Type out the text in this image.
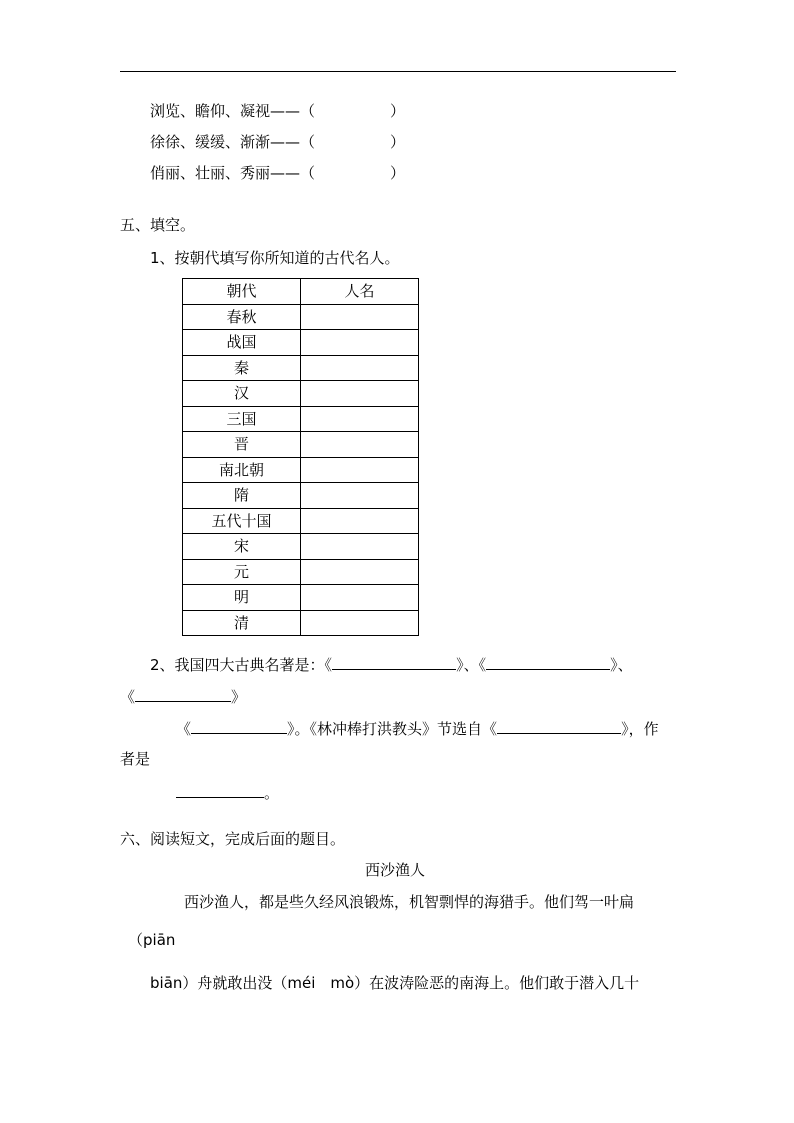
浏览、瞻仰、凝视——（　　　　　）
徐徐、缓缓、渐渐——（　　　　　）
俏丽、壮丽、秀丽——（　　　　　）
五、填空。
1、按朝代填写你所知道的古代名人。
朝代	人名
春秋	
战国	
秦	
汉	
三国	
晋	
南北朝	
隋	
五代十国	
宋	
元	
明	
清	
2、我国四大古典名著是：《	》、《	》、
《	》
《	》。《林冲棒打洪教头》节选自《	》，作
者是
。
六、阅读短文，完成后面的题目。
西沙渔人
西沙渔人，都是些久经风浪锻炼，机智剽悍的海猎手。他们驾一叶扁
（piān
biān）舟就敢出没（méi　mò）在波涛险恶的南海上。他们敢于潜入几十
